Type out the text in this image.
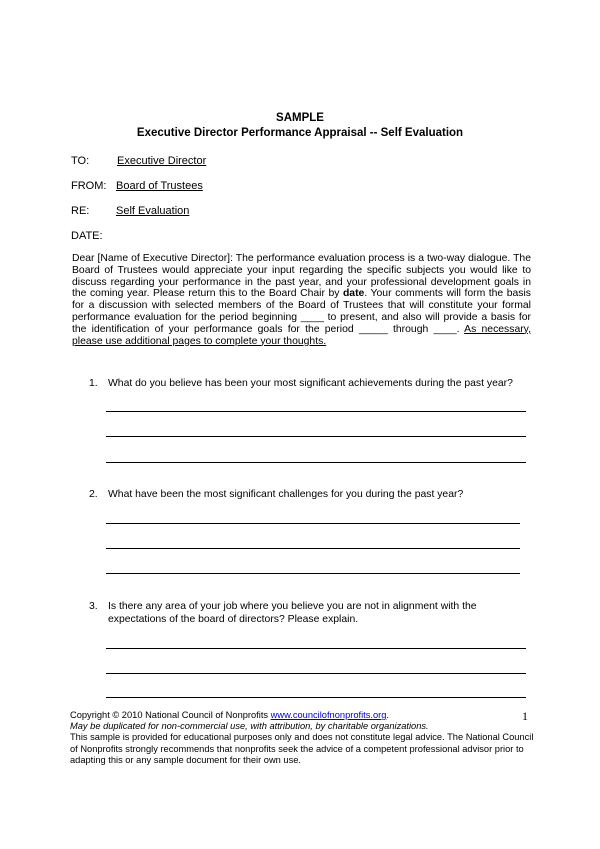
SAMPLE
Executive Director Performance Appraisal -- Self Evaluation
TO:	Executive Director
FROM: Board of Trustees
RE: Self Evaluation
DATE:
Dear [Name of Executive Director]: The performance evaluation process is a two-way dialogue. The Board of Trustees would appreciate your input regarding the specific subjects you would like to discuss regarding your performance in the past year, and your professional development goals in the coming year. Please return this to the Board Chair by date. Your comments will form the basis for a discussion with selected members of the Board of Trustees that will constitute your formal performance evaluation for the period beginning ____ to present, and also will provide a basis for the identification of your performance goals for the period _____ through ____. As necessary, please use additional pages to complete your thoughts.
1. What do you believe has been your most significant achievements during the past year?
2. What have been the most significant challenges for you during the past year?
3. Is there any area of your job where you believe you are not in alignment with the expectations of the board of directors? Please explain.
Copyright © 2010 National Council of Nonprofits www.councilofnonprofits.org.
May be duplicated for non-commercial use, with attribution, by charitable organizations.
This sample is provided for educational purposes only and does not constitute legal advice. The National Council of Nonprofits strongly recommends that nonprofits seek the advice of a competent professional advisor prior to adapting this or any sample document for their own use.
1
